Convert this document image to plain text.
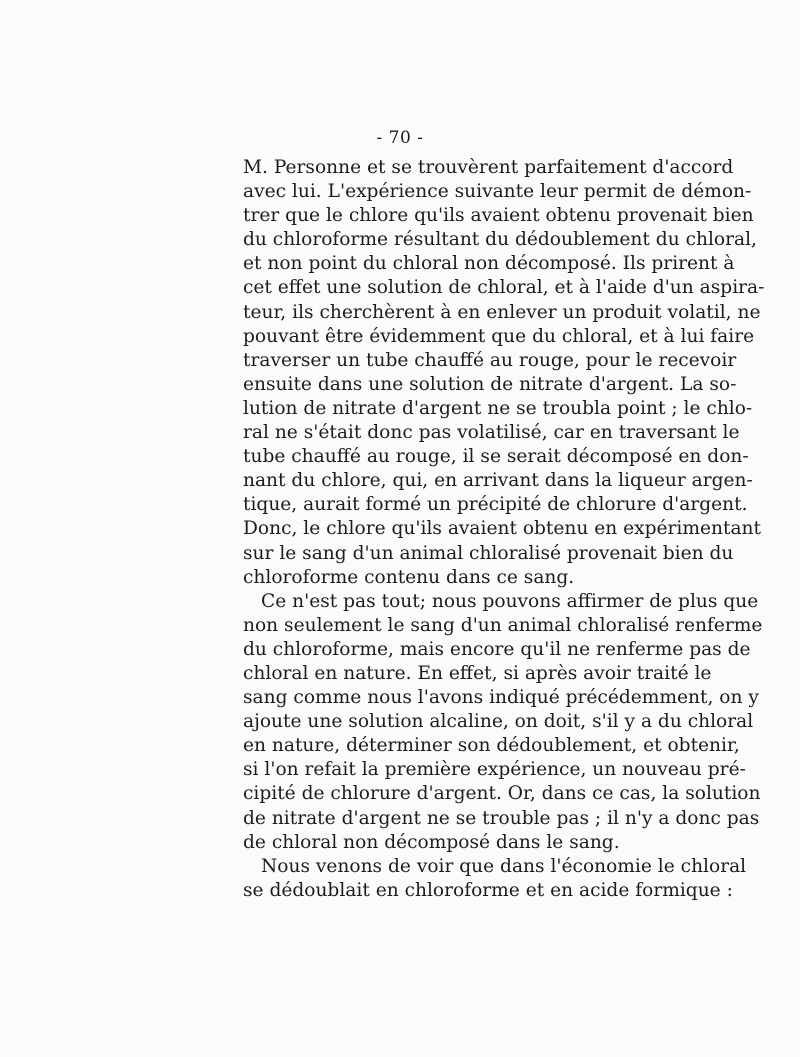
- 70 -
M. Personne et se trouvèrent parfaitement d'accord
avec lui. L'expérience suivante leur permit de démon-
trer que le chlore qu'ils avaient obtenu provenait bien
du chloroforme résultant du dédoublement du chloral,
et non point du chloral non décomposé. Ils prirent à
cet effet une solution de chloral, et à l'aide d'un aspira-
teur, ils cherchèrent à en enlever un produit volatil, ne
pouvant être évidemment que du chloral, et à lui faire
traverser un tube chauffé au rouge, pour le recevoir
ensuite dans une solution de nitrate d'argent. La so-
lution de nitrate d'argent ne se troubla point ; le chlo-
ral ne s'était donc pas volatilisé, car en traversant le
tube chauffé au rouge, il se serait décomposé en don-
nant du chlore, qui, en arrivant dans la liqueur argen-
tique, aurait formé un précipité de chlorure d'argent.
Donc, le chlore qu'ils avaient obtenu en expérimentant
sur le sang d'un animal chloralisé provenait bien du
chloroforme contenu dans ce sang.
Ce n'est pas tout; nous pouvons affirmer de plus que
non seulement le sang d'un animal chloralisé renferme
du chloroforme, mais encore qu'il ne renferme pas de
chloral en nature. En effet, si après avoir traité le
sang comme nous l'avons indiqué précédemment, on y
ajoute une solution alcaline, on doit, s'il y a du chloral
en nature, déterminer son dédoublement, et obtenir,
si l'on refait la première expérience, un nouveau pré-
cipité de chlorure d'argent. Or, dans ce cas, la solution
de nitrate d'argent ne se trouble pas ; il n'y a donc pas
de chloral non décomposé dans le sang.
Nous venons de voir que dans l'économie le chloral
se dédoublait en chloroforme et en acide formique :
